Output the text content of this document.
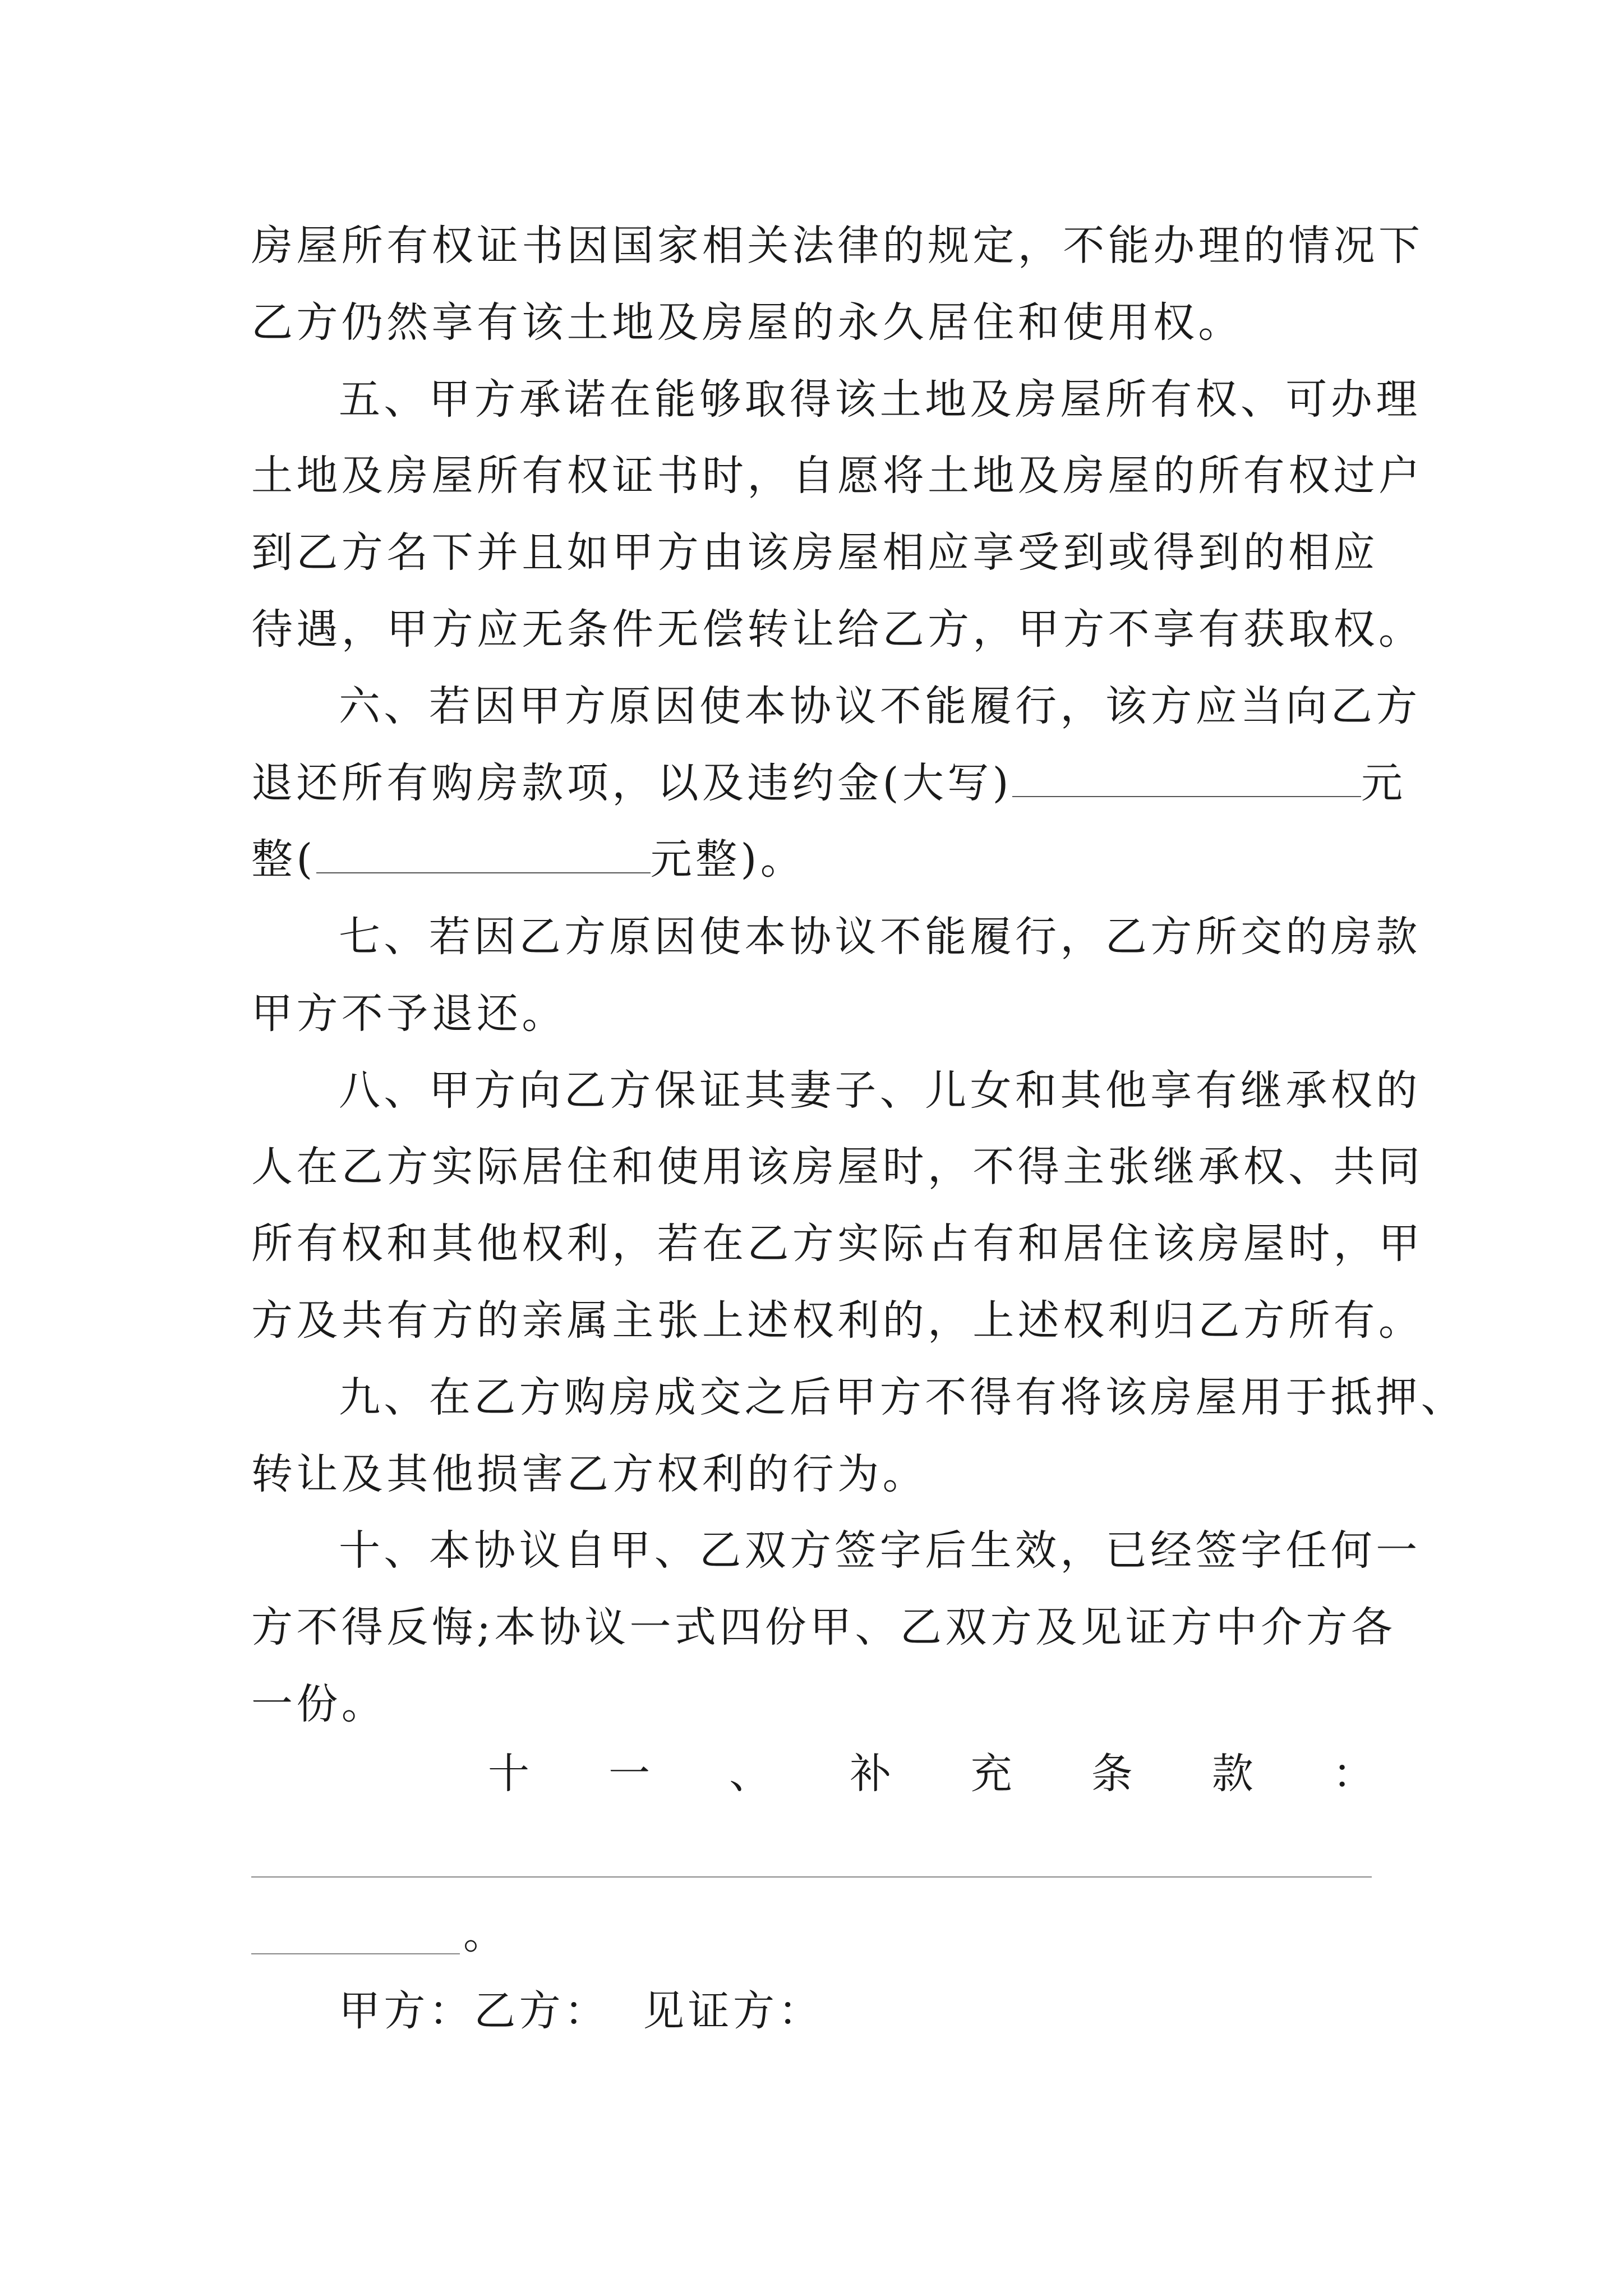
房屋所有权证书因国家相关法律的规定，不能办理的情况下
乙方仍然享有该土地及房屋的永久居住和使用权。
五、甲方承诺在能够取得该土地及房屋所有权、可办理
土地及房屋所有权证书时，自愿将土地及房屋的所有权过户
到乙方名下并且如甲方由该房屋相应享受到或得到的相应
待遇，甲方应无条件无偿转让给乙方，甲方不享有获取权。
六、若因甲方原因使本协议不能履行，该方应当向乙方
退还所有购房款项，以及违约金(大写)	元
整(	元整)。
七、若因乙方原因使本协议不能履行，乙方所交的房款
甲方不予退还。
八、甲方向乙方保证其妻子、儿女和其他享有继承权的
人在乙方实际居住和使用该房屋时，不得主张继承权、共同
所有权和其他权利，若在乙方实际占有和居住该房屋时，甲
方及共有方的亲属主张上述权利的，上述权利归乙方所有。
九、在乙方购房成交之后甲方不得有将该房屋用于抵押、
转让及其他损害乙方权利的行为。
十、本协议自甲、乙双方签字后生效，已经签字任何一
方不得反悔;本协议一式四份甲、乙双方及见证方中介方各
一份。
十 一 、 补 充 条 款 ：
。
甲方：乙方：  见证方：
